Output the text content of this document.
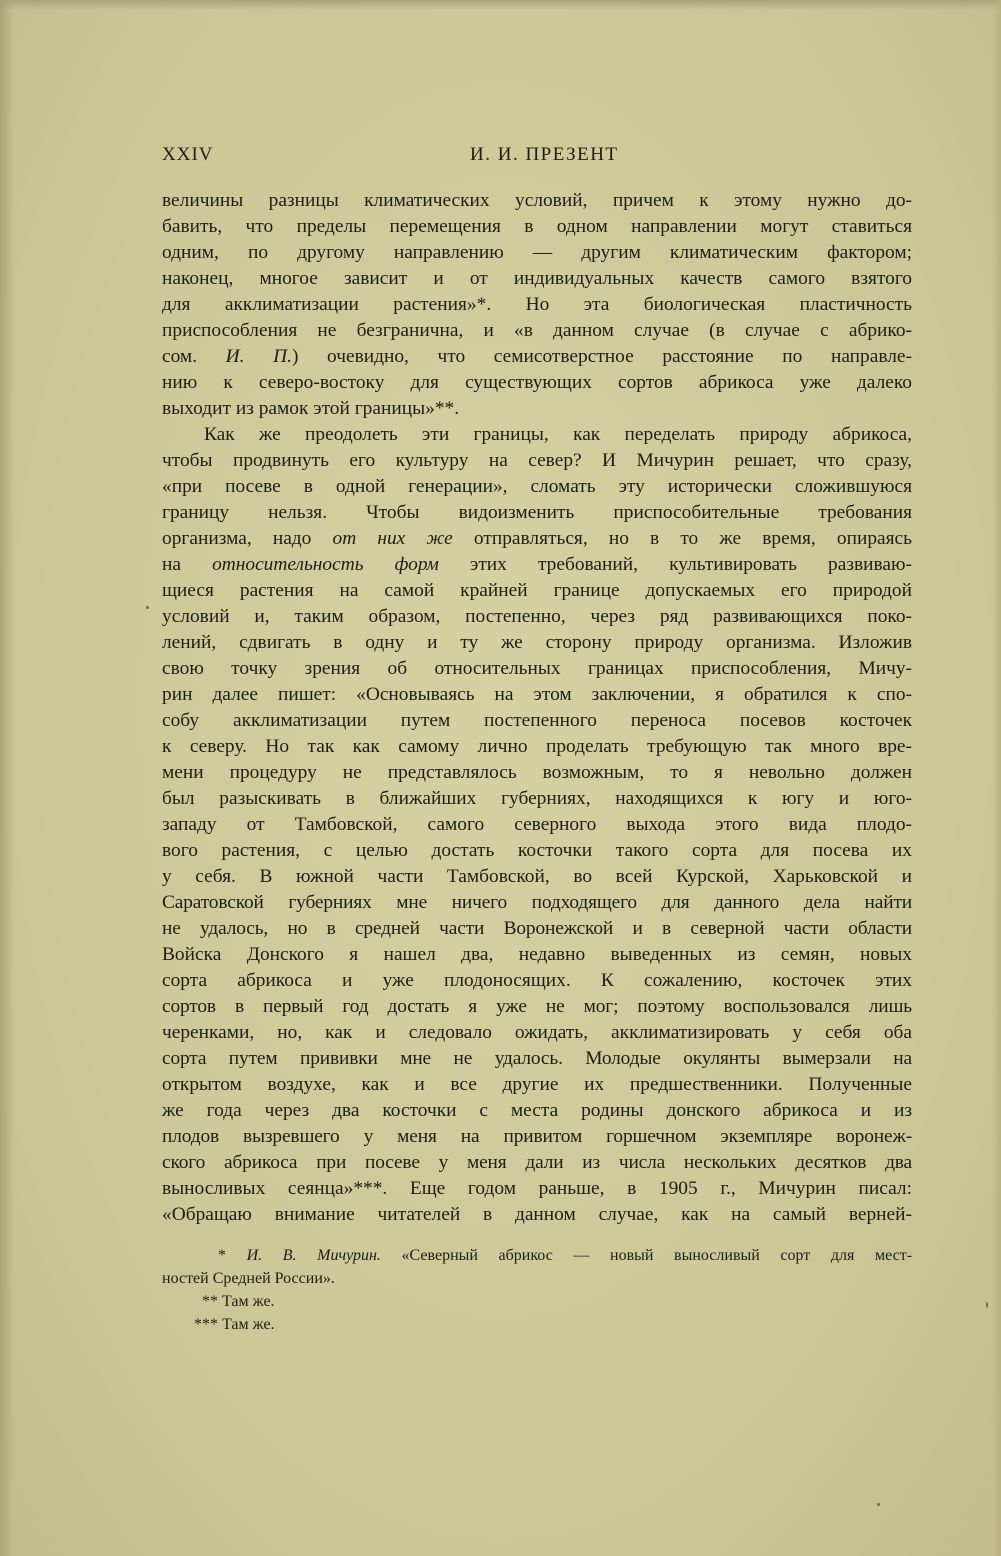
XXIV	И. И. ПРЕЗЕНТ
величины разницы климатических условий, причем к этому нужно до-
бавить, что пределы перемещения в одном направлении могут ставиться
одним, по другому направлению — другим климатическим фактором;
наконец, многое зависит и от индивидуальных качеств самого взятого
для акклиматизации растения»*. Но эта биологическая пластичность
приспособления не безгранична, и «в данном случае (в случае с абрико-
сом. И. П.) очевидно, что семисотверстное расстояние по направле-
нию к северо-востоку для существующих сортов абрикоса уже далеко
выходит из рамок этой границы»**.
Как же преодолеть эти границы, как переделать природу абрикоса,
чтобы продвинуть его культуру на север? И Мичурин решает, что сразу,
«при посеве в одной генерации», сломать эту исторически сложившуюся
границу нельзя. Чтобы видоизменить приспособительные требования
организма, надо от них же отправляться, но в то же время, опираясь
на относительность форм этих требований, культивировать развиваю-
щиеся растения на самой крайней границе допускаемых его природой
условий и, таким образом, постепенно, через ряд развивающихся поко-
лений, сдвигать в одну и ту же сторону природу организма. Изложив
свою точку зрения об относительных границах приспособления, Мичу-
рин далее пишет: «Основываясь на этом заключении, я обратился к спо-
собу акклиматизации путем постепенного переноса посевов косточек
к северу. Но так как самому лично проделать требующую так много вре-
мени процедуру не представлялось возможным, то я невольно должен
был разыскивать в ближайших губерниях, находящихся к югу и юго-
западу от Тамбовской, самого северного выхода этого вида плодо-
вого растения, с целью достать косточки такого сорта для посева их
у себя. В южной части Тамбовской, во всей Курской, Харьковской и
Саратовской губерниях мне ничего подходящего для данного дела найти
не удалось, но в средней части Воронежской и в северной части области
Войска Донского я нашел два, недавно выведенных из семян, новых
сорта абрикоса и уже плодоносящих. К сожалению, косточек этих
сортов в первый год достать я уже не мог; поэтому воспользовался лишь
черенками, но, как и следовало ожидать, акклиматизировать у себя оба
сорта путем прививки мне не удалось. Молодые окулянты вымерзали на
открытом воздухе, как и все другие их предшественники. Полученные
же года через два косточки с места родины донского абрикоса и из
плодов вызревшего у меня на привитом горшечном экземпляре воронеж-
ского абрикоса при посеве у меня дали из числа нескольких десятков два
выносливых сеянца»***. Еще годом раньше, в 1905 г., Мичурин писал:
«Обращаю внимание читателей в данном случае, как на самый верней-
* И. В. Мичурин. «Северный абрикос — новый выносливый сорт для мест-
ностей Средней России».
** Там же.
*** Там же.
